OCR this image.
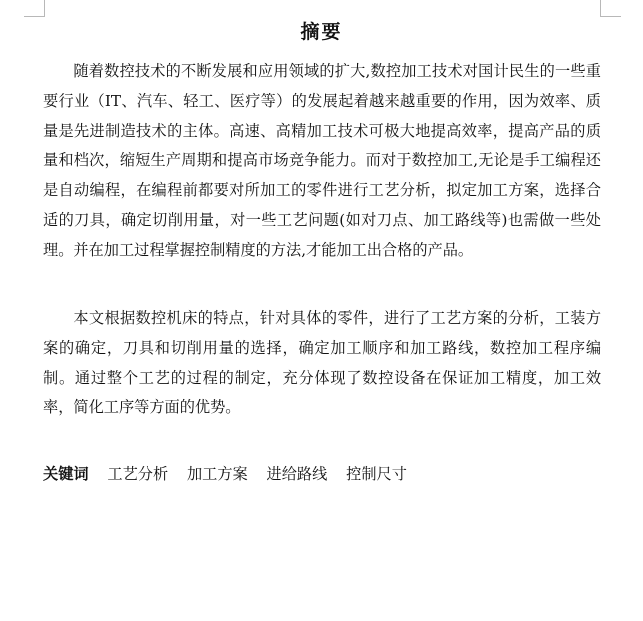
摘要

随着数控技术的不断发展和应用领域的扩大,数控加工技术对国计民生的一些重要行业（IT、汽车、轻工、医疗等）的发展起着越来越重要的作用，因为效率、质量是先进制造技术的主体。高速、高精加工技术可极大地提高效率，提高产品的质量和档次，缩短生产周期和提高市场竞争能力。而对于数控加工,无论是手工编程还是自动编程，在编程前都要对所加工的零件进行工艺分析，拟定加工方案，选择合适的刀具，确定切削用量，对一些工艺问题(如对刀点、加工路线等)也需做一些处理。并在加工过程掌握控制精度的方法,才能加工出合格的产品。

本文根据数控机床的特点，针对具体的零件，进行了工艺方案的分析，工装方案的确定，刀具和切削用量的选择，确定加工顺序和加工路线，数控加工程序编制。通过整个工艺的过程的制定，充分体现了数控设备在保证加工精度，加工效率，简化工序等方面的优势。

关键词 工艺分析 加工方案 进给路线 控制尺寸
